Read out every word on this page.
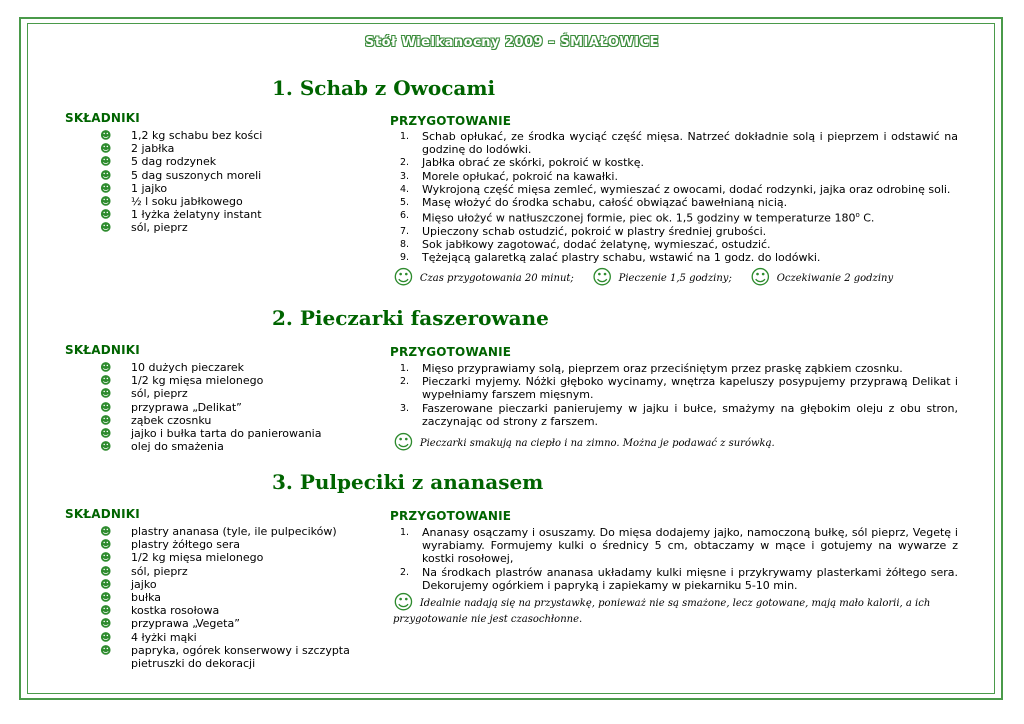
Stół Wielkanocny 2009 – ŚMIAŁOWICE
1. Schab z Owocami
SKŁADNIKI	PRZYGOTOWANIE
☻ 1,2 kg schabu bez kości
☻ 2 jabłka
☻ 5 dag rodzynek
☻ 5 dag suszonych moreli
☻ 1 jajko
☻ ½ l soku jabłkowego
☻ 1 łyżka żelatyny instant
☻ sól, pieprz
1. Schab opłukać, ze środka wyciąć część mięsa. Natrzeć dokładnie solą i pieprzem i odstawić na godzinę do lodówki.
2. Jabłka obrać ze skórki, pokroić w kostkę.
3. Morele opłukać, pokroić na kawałki.
4. Wykrojoną część mięsa zemleć, wymieszać z owocami, dodać rodzynki, jajka oraz odrobinę soli.
5. Masę włożyć do środka schabu, całość obwiązać bawełnianą nicią.
6. Mięso ułożyć w natłuszczonej formie, piec ok. 1,5 godziny w temperaturze 180$^o$ C.
7. Upieczony schab ostudzić, pokroić w plastry średniej grubości.
8. Sok jabłkowy zagotować, dodać żelatynę, wymieszać, ostudzić.
9. Tężejącą galaretką zalać plastry schabu, wstawić na 1 godz. do lodówki.
☺ Czas przygotowania 20 minut; ☺ Pieczenie 1,5 godziny; ☺ Oczekiwanie 2 godziny
2. Pieczarki faszerowane
SKŁADNIKI	PRZYGOTOWANIE
☻ 10 dużych pieczarek
☻ 1/2 kg mięsa mielonego
☻ sól, pieprz
☻ przyprawa „Delikat”
☻ ząbek czosnku
☻ jajko i bułka tarta do panierowania
☻ olej do smażenia
1. Mięso przyprawiamy solą, pieprzem oraz przeciśniętym przez praskę ząbkiem czosnku.
2. Pieczarki myjemy. Nóżki głęboko wycinamy, wnętrza kapeluszy posypujemy przyprawą Delikat i wypełniamy farszem mięsnym.
3. Faszerowane pieczarki panierujemy w jajku i bułce, smażymy na głębokim oleju z obu stron, zaczynając od strony z farszem.
☺ Pieczarki smakują na ciepło i na zimno. Można je podawać z surówką.
3. Pulpeciki z ananasem
SKŁADNIKI	PRZYGOTOWANIE
☻ plastry ananasa (tyle, ile pulpecików)
☻ plastry żółtego sera
☻ 1/2 kg mięsa mielonego
☻ sól, pieprz
☻ jajko
☻ bułka
☻ kostka rosołowa
☻ przyprawa „Vegeta”
☻ 4 łyżki mąki
☻ papryka, ogórek konserwowy i szczypta pietruszki do dekoracji
1. Ananasy osączamy i osuszamy. Do mięsa dodajemy jajko, namoczoną bułkę, sól pieprz, Vegetę i wyrabiamy. Formujemy kulki o średnicy 5 cm, obtaczamy w mące i gotujemy na wywarze z kostki rosołowej,
2. Na środkach plastrów ananasa układamy kulki mięsne i przykrywamy plasterkami żółtego sera. Dekorujemy ogórkiem i papryką i zapiekamy w piekarniku 5-10 min.
☺ Idealnie nadają się na przystawkę, ponieważ nie są smażone, lecz gotowane, mają mało kalorii, a ich przygotowanie nie jest czasochłonne.
